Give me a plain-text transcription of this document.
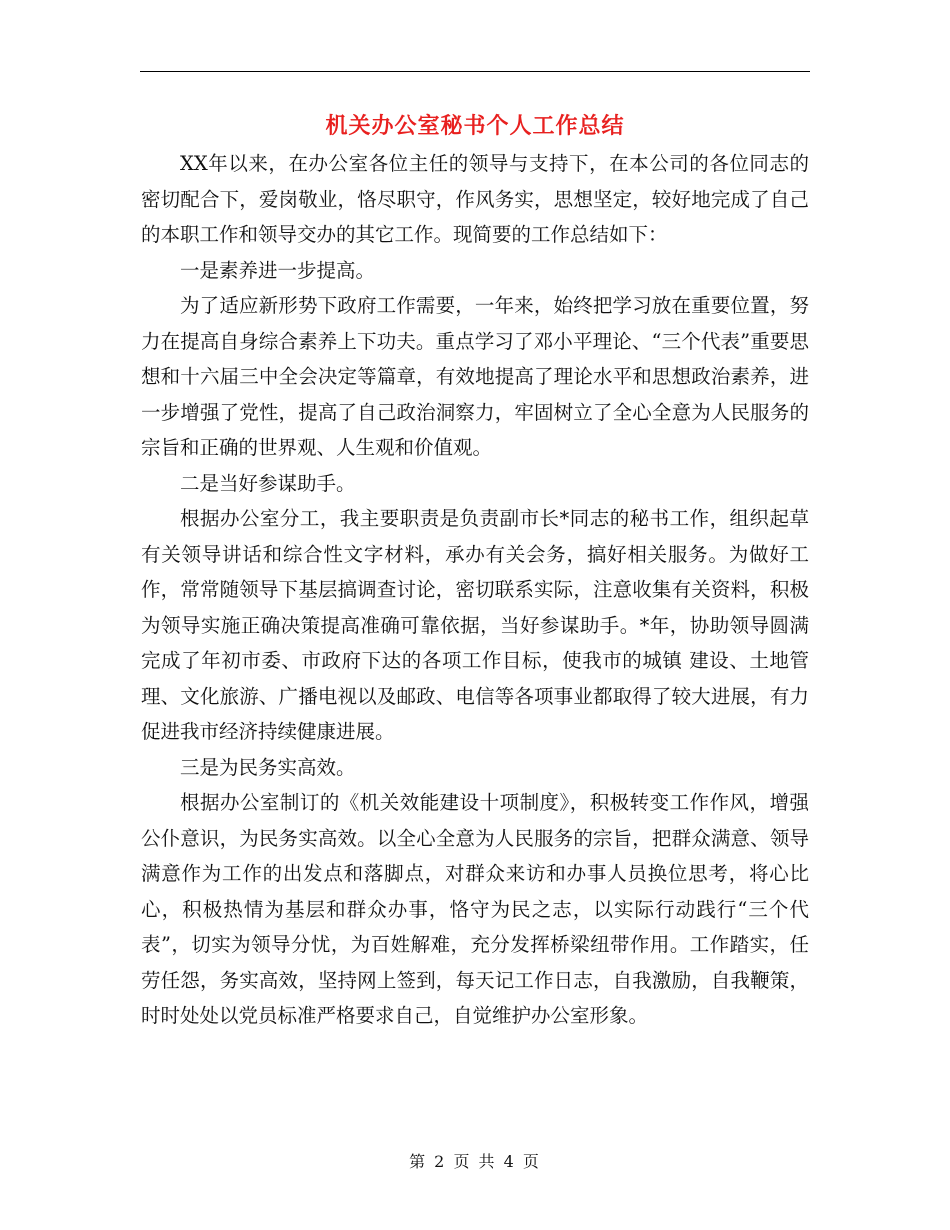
机关办公室秘书个人工作总结

XX年以来，在办公室各位主任的领导与支持下，在本公司的各位同志的密切配合下，爱岗敬业，恪尽职守，作风务实，思想坚定，较好地完成了自己的本职工作和领导交办的其它工作。现简要的工作总结如下：

一是素养进一步提高。

为了适应新形势下政府工作需要，一年来，始终把学习放在重要位置，努力在提高自身综合素养上下功夫。重点学习了邓小平理论、“三个代表”重要思想和十六届三中全会决定等篇章，有效地提高了理论水平和思想政治素养，进一步增强了党性，提高了自己政治洞察力，牢固树立了全心全意为人民服务的宗旨和正确的世界观、人生观和价值观。

二是当好参谋助手。

根据办公室分工，我主要职责是负责副市长*同志的秘书工作，组织起草有关领导讲话和综合性文字材料，承办有关会务，搞好相关服务。为做好工作，常常随领导下基层搞调查讨论，密切联系实际，注意收集有关资料，积极为领导实施正确决策提高准确可靠依据，当好参谋助手。*年，协助领导圆满完成了年初市委、市政府下达的各项工作目标，使我市的城镇 建设、土地管理、文化旅游、广播电视以及邮政、电信等各项事业都取得了较大进展，有力促进我市经济持续健康进展。

三是为民务实高效。

根据办公室制订的《机关效能建设十项制度》，积极转变工作作风，增强公仆意识，为民务实高效。以全心全意为人民服务的宗旨，把群众满意、领导满意作为工作的出发点和落脚点，对群众来访和办事人员换位思考，将心比心，积极热情为基层和群众办事，恪守为民之志，以实际行动践行“三个代表”，切实为领导分忧，为百姓解难，充分发挥桥梁纽带作用。工作踏实，任劳任怨，务实高效，坚持网上签到，每天记工作日志，自我激励，自我鞭策，时时处处以党员标准严格要求自己，自觉维护办公室形象。

第 2 页 共 4 页
